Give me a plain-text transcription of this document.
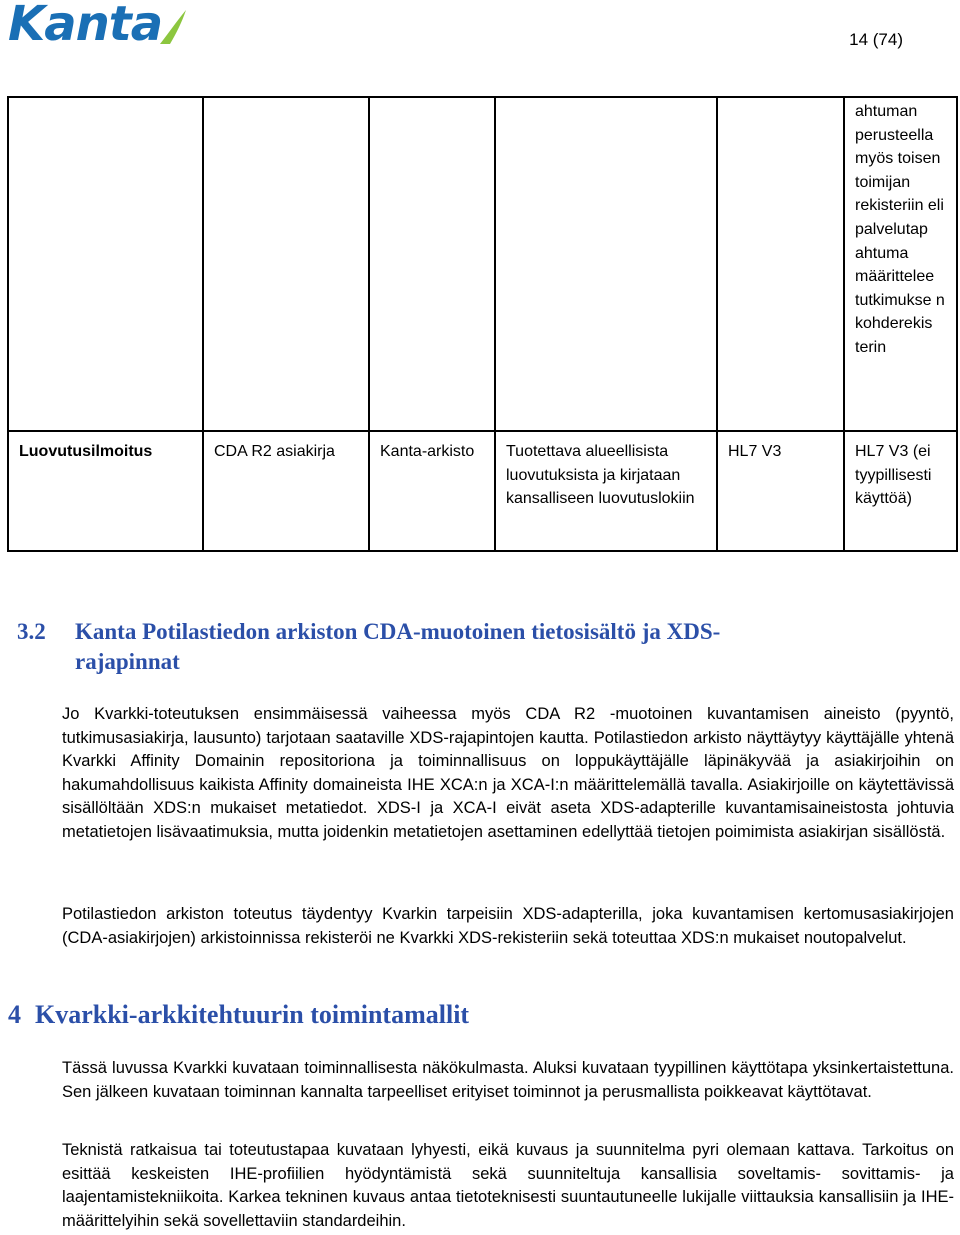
Kanta	14 (74)
					ahtuman perusteella myös toisen toimijan rekisteriin eli palvelutap ahtuma määrittelee tutkimukse n kohderekis terin
Luovutusilmoitus	CDA R2 asiakirja	Kanta-arkisto	Tuotettava alueellisista luovutuksista ja kirjataan kansalliseen luovutuslokiin	HL7 V3	HL7 V3 (ei tyypillisesti käyttöä)
3.2 Kanta Potilastiedon arkiston CDA-muotoinen tietosisältö ja XDS-
rajapinnat
Jo Kvarkki-toteutuksen ensimmäisessä vaiheessa myös CDA R2 -muotoinen kuvantamisen aineisto (pyyntö, tutkimusasiakirja, lausunto) tarjotaan saataville XDS-rajapintojen kautta. Potilastiedon arkisto näyttäytyy käyttäjälle yhtenä Kvarkki Affinity Domainin repositoriona ja toiminnallisuus on loppukäyttäjälle läpinäkyvää ja asiakirjoihin on hakumahdollisuus kaikista Affinity domaineista IHE XCA:n ja XCA-I:n määrittelemällä tavalla. Asiakirjoille on käytettävissä sisällöltään XDS:n mukaiset metatiedot. XDS-I ja XCA-I eivät aseta XDS-adapterille kuvantamisaineistosta johtuvia metatietojen lisävaatimuksia, mutta joidenkin metatietojen asettaminen edellyttää tietojen poimimista asiakirjan sisällöstä.
Potilastiedon arkiston toteutus täydentyy Kvarkin tarpeisiin XDS-adapterilla, joka kuvantamisen kertomusasiakirjojen (CDA-asiakirjojen) arkistoinnissa rekisteröi ne Kvarkki XDS-rekisteriin sekä toteuttaa XDS:n mukaiset noutopalvelut.
4 Kvarkki-arkkitehtuurin toimintamallit
Tässä luvussa Kvarkki kuvataan toiminnallisesta näkökulmasta. Aluksi kuvataan tyypillinen käyttötapa yksinkertaistettuna. Sen jälkeen kuvataan toiminnan kannalta tarpeelliset erityiset toiminnot ja perusmallista poikkeavat käyttötavat.
Teknistä ratkaisua tai toteutustapaa kuvataan lyhyesti, eikä kuvaus ja suunnitelma pyri olemaan kattava. Tarkoitus on esittää keskeisten IHE-profiilien hyödyntämistä sekä suunniteltuja kansallisia soveltamis- sovittamis- ja laajentamistekniikoita. Karkea tekninen kuvaus antaa tietoteknisesti suuntautuneelle lukijalle viittauksia kansallisiin ja IHE-määrittelyihin sekä sovellettaviin standardeihin.
